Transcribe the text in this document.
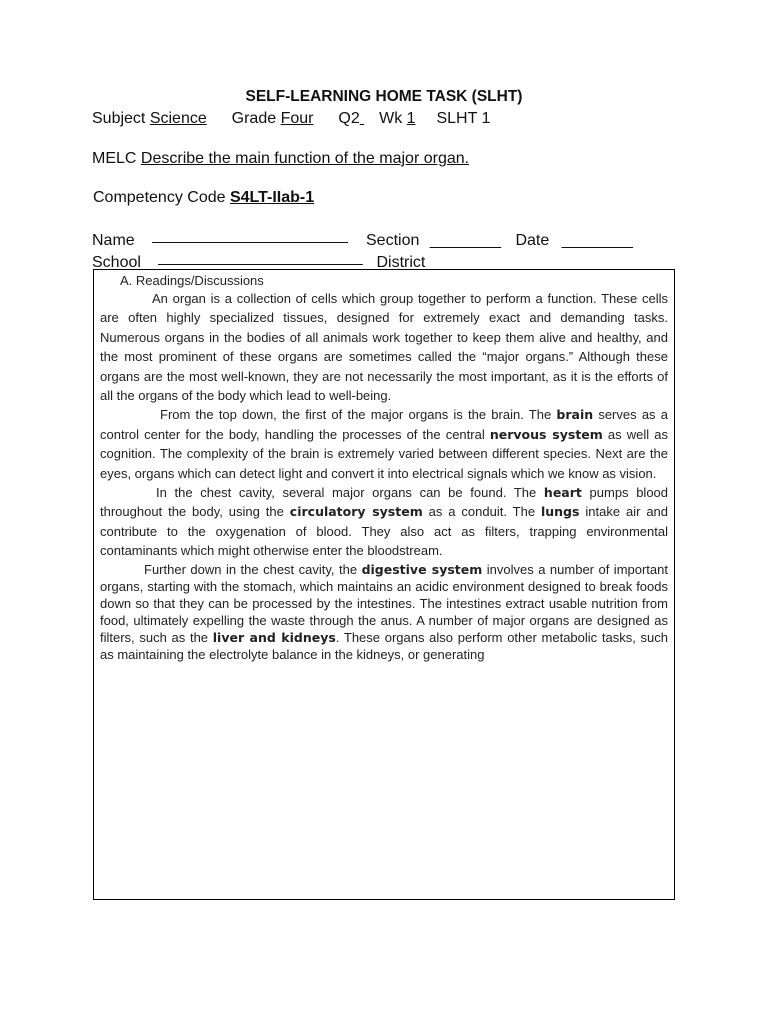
SELF-LEARNING HOME TASK (SLHT)
Subject Science Grade Four Q2 Wk 1 SLHT 1
MELC Describe the main function of the major organ.
Competency Code S4LT-IIab-1
Name ______________________ Section ________ Date ________
School _______________________ District __________________

A. Readings/Discussions

An organ is a collection of cells which group together to perform a function. These cells are often highly specialized tissues, designed for extremely exact and demanding tasks. Numerous organs in the bodies of all animals work together to keep them alive and healthy, and the most prominent of these organs are sometimes called the “major organs.” Although these organs are the most well-known, they are not necessarily the most important, as it is the efforts of all the organs of the body which lead to well-being.

From the top down, the first of the major organs is the brain. The brain serves as a control center for the body, handling the processes of the central nervous system as well as cognition. The complexity of the brain is extremely varied between different species. Next are the eyes, organs which can detect light and convert it into electrical signals which we know as vision.

In the chest cavity, several major organs can be found. The heart pumps blood throughout the body, using the circulatory system as a conduit. The lungs intake air and contribute to the oxygenation of blood. They also act as filters, trapping environmental contaminants which might otherwise enter the bloodstream.

Further down in the chest cavity, the digestive system involves a number of important organs, starting with the stomach, which maintains an acidic environment designed to break foods down so that they can be processed by the intestines. The intestines extract usable nutrition from food, ultimately expelling the waste through the anus. A number of major organs are designed as filters, such as the liver and kidneys. These organs also perform other metabolic tasks, such as maintaining the electrolyte balance in the kidneys, or generating
